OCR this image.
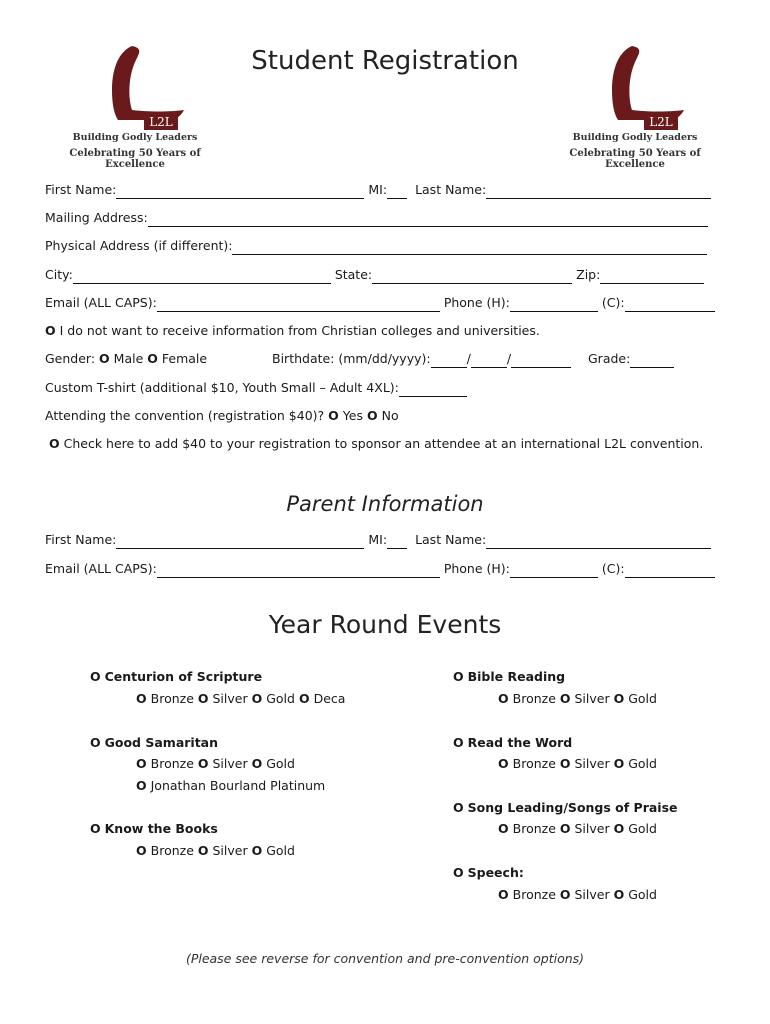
L2L
Building Godly Leaders
Celebrating 50 Years of Excellence
L2L
Building Godly Leaders
Celebrating 50 Years of Excellence
Student Registration
First Name:	MI: Last Name:
Mailing Address:
Physical Address (if different):
City:	State:	Zip:
Email (ALL CAPS):	Phone (H):	(C):
O I do not want to receive information from Christian colleges and universities.
Gender: O Male O Female	Birthdate: (mm/dd/yyyy):	/	/	Grade:
Custom T-shirt (additional $10, Youth Small – Adult 4XL):
Attending the convention (registration $40)? O Yes O No
O Check here to add $40 to your registration to sponsor an attendee at an international L2L convention.
Parent Information
First Name:	MI: Last Name:
Email (ALL CAPS):	Phone (H):	(C):
Year Round Events
O Centurion of Scripture
O Bronze O Silver O Gold O Deca
O Good Samaritan
O Bronze O Silver O Gold
O Jonathan Bourland Platinum
O Know the Books
O Bronze O Silver O Gold
O Bible Reading
O Bronze O Silver O Gold
O Read the Word
O Bronze O Silver O Gold
O Song Leading/Songs of Praise
O Bronze O Silver O Gold
O Speech:
O Bronze O Silver O Gold
(Please see reverse for convention and pre-convention options)
